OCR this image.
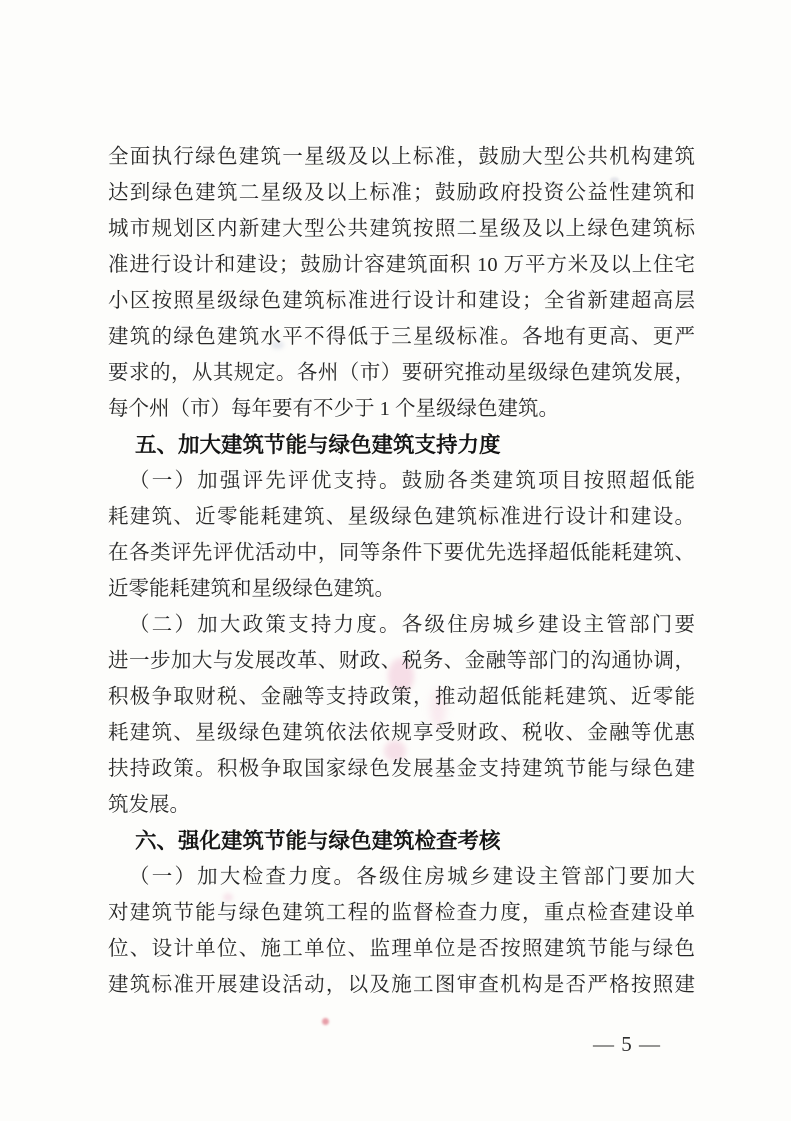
全面执行绿色建筑一星级及以上标准，鼓励大型公共机构建筑
达到绿色建筑二星级及以上标准；鼓励政府投资公益性建筑和
城市规划区内新建大型公共建筑按照二星级及以上绿色建筑标
准进行设计和建设；鼓励计容建筑面积 10 万平方米及以上住宅
小区按照星级绿色建筑标准进行设计和建设；全省新建超高层
建筑的绿色建筑水平不得低于三星级标准。各地有更高、更严
要求的，从其规定。各州（市）要研究推动星级绿色建筑发展，
每个州（市）每年要有不少于 1 个星级绿色建筑。
五、加大建筑节能与绿色建筑支持力度
（一）加强评先评优支持。鼓励各类建筑项目按照超低能
耗建筑、近零能耗建筑、星级绿色建筑标准进行设计和建设。
在各类评先评优活动中，同等条件下要优先选择超低能耗建筑、
近零能耗建筑和星级绿色建筑。
（二）加大政策支持力度。各级住房城乡建设主管部门要
进一步加大与发展改革、财政、税务、金融等部门的沟通协调，
积极争取财税、金融等支持政策，推动超低能耗建筑、近零能
耗建筑、星级绿色建筑依法依规享受财政、税收、金融等优惠
扶持政策。积极争取国家绿色发展基金支持建筑节能与绿色建
筑发展。
六、强化建筑节能与绿色建筑检查考核
（一）加大检查力度。各级住房城乡建设主管部门要加大
对建筑节能与绿色建筑工程的监督检查力度，重点检查建设单
位、设计单位、施工单位、监理单位是否按照建筑节能与绿色
建筑标准开展建设活动，以及施工图审查机构是否严格按照建
— 5 —
